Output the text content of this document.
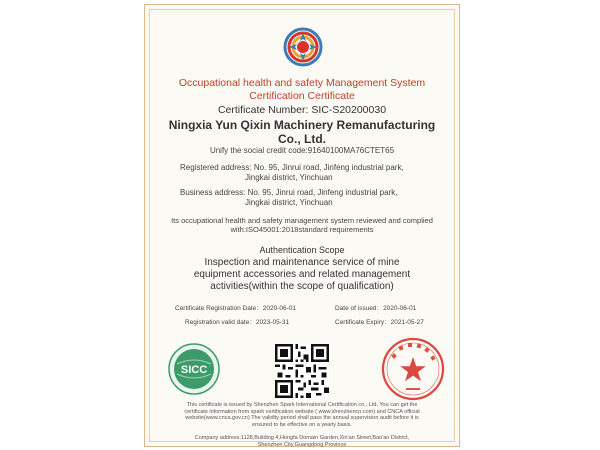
Occupational health and safety Management System
Certification Certificate
Certificate Number: SIC-S20200030
Ningxia Yun Qixin Machinery Remanufacturing
Co., Ltd.
Unify the social credit code:91640100MA76CTET65
Registered address: No. 95, Jinrui road, Jinfeng industrial park,
Jingkai district, Yinchuan
Business address: No. 95, Jinrui road, Jinfeng industrial park,
Jingkai district, Yinchuan
Its occupational health and safety management system reviewed and complied
with:ISO45001:2018standard requirements
Authentication Scope
Inspection and maintenance service of mine
equipment accessories and related management
activities(within the scope of qualification)
Certificate Registration Date：2020-06-01	Date of issued：2020-06-01
Registration valid date：2023-05-31	Certificate Expiry：2021-05-27
SICC
This certificate is issued by Shenzhen Spark International Certification co., Ltd. You can get the
certificate information from spark certification website ( www.shenzhencn.com) and CNCA official
website(www.cnca.gov.cn).The validity period shall pass the annual supervision audit before it is
ensured to be effective on a yearly basis.
Company address:1128,Building 4,Hongfa Domain Garden,Xin'an Street,Bao'an District,
Shenzhen City,Guangdong Province
